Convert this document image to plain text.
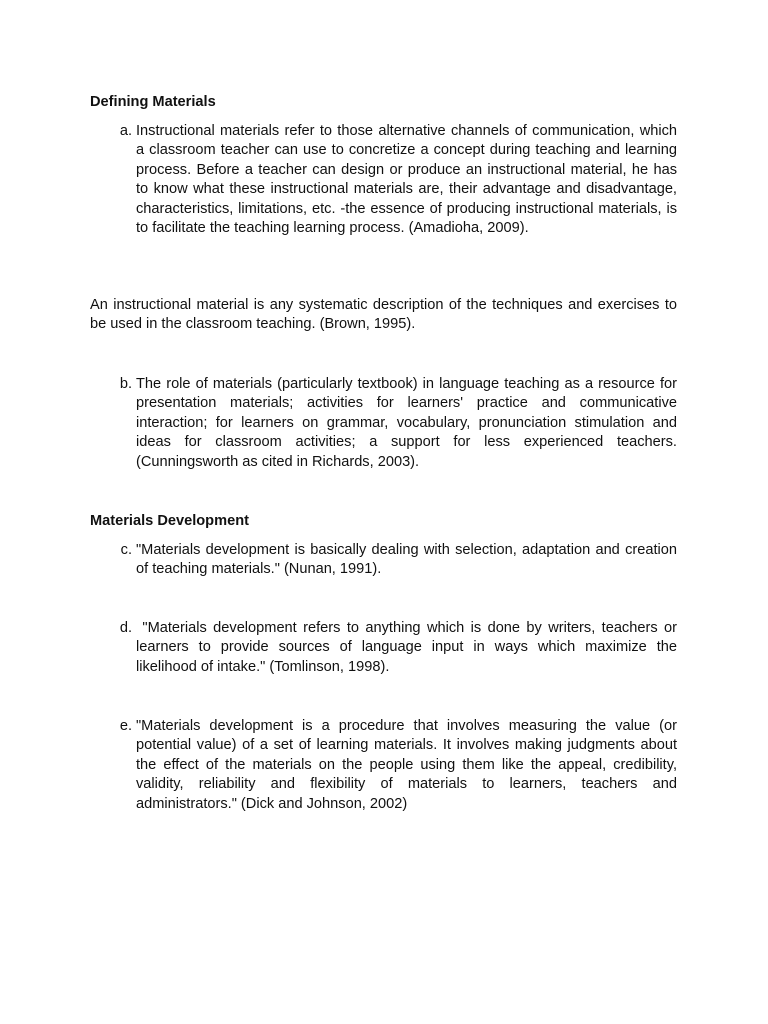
Defining Materials
a. Instructional materials refer to those alternative channels of communication, which a classroom teacher can use to concretize a concept during teaching and learning process. Before a teacher can design or produce an instructional material, he has to know what these instructional materials are, their advantage and disadvantage, characteristics, limitations, etc. -the essence of producing instructional materials, is to facilitate the teaching learning process. (Amadioha, 2009).

An instructional material is any systematic description of the techniques and exercises to be used in the classroom teaching. (Brown, 1995).

b. The role of materials (particularly textbook) in language teaching as a resource for presentation materials; activities for learners' practice and communicative interaction; for learners on grammar, vocabulary, pronunciation stimulation and ideas for classroom activities; a support for less experienced teachers. (Cunningsworth as cited in Richards, 2003).
Materials Development
c. "Materials development is basically dealing with selection, adaptation and creation of teaching materials." (Nunan, 1991).
d. "Materials development refers to anything which is done by writers, teachers or learners to provide sources of language input in ways which maximize the likelihood of intake." (Tomlinson, 1998).
e. "Materials development is a procedure that involves measuring the value (or potential value) of a set of learning materials. It involves making judgments about the effect of the materials on the people using them like the appeal, credibility, validity, reliability and flexibility of materials to learners, teachers and administrators." (Dick and Johnson, 2002)
